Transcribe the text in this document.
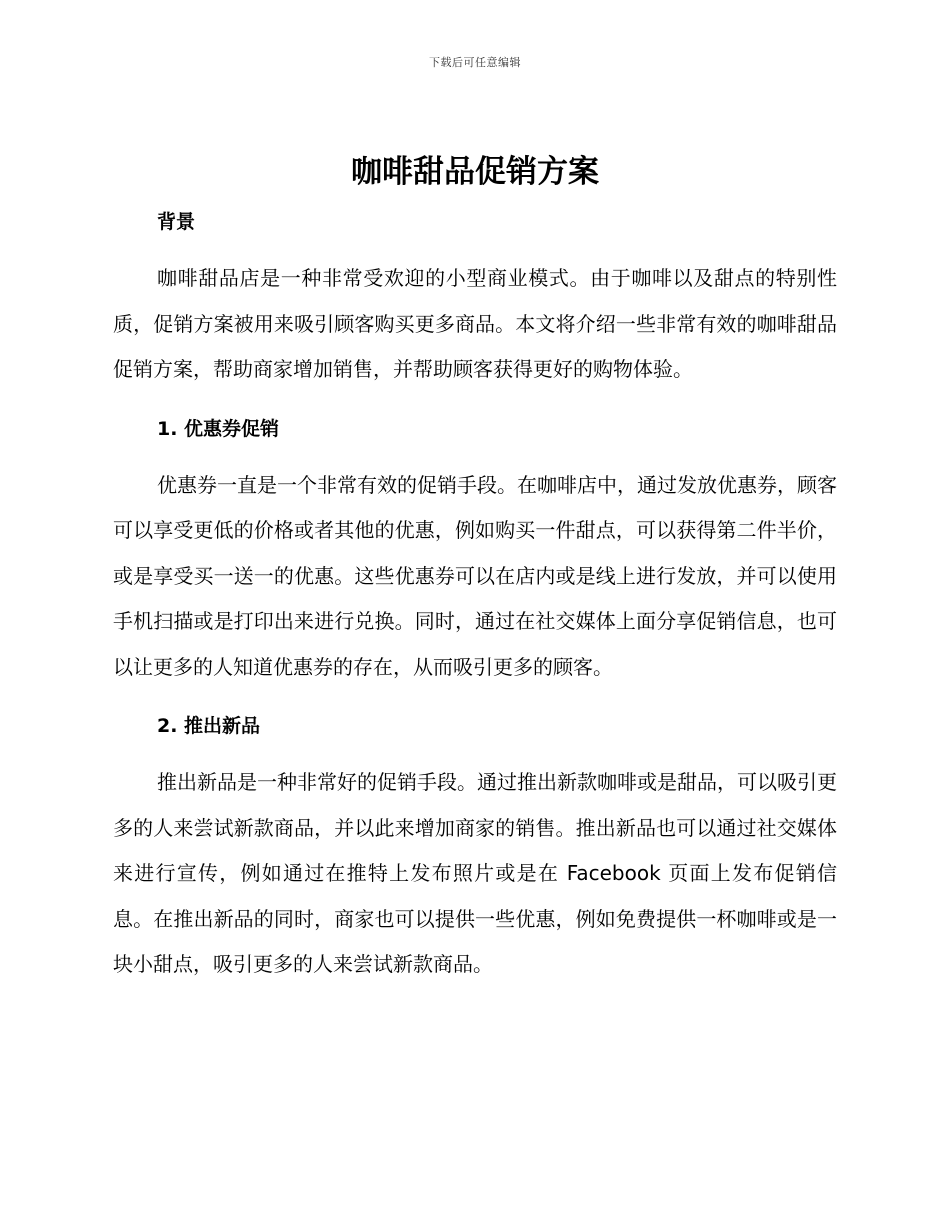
下载后可任意编辑
咖啡甜品促销方案
背景

咖啡甜品店是一种非常受欢迎的小型商业模式。由于咖啡以及甜点的特别性质，促销方案被用来吸引顾客购买更多商品。本文将介绍一些非常有效的咖啡甜品促销方案，帮助商家增加销售，并帮助顾客获得更好的购物体验。

1. 优惠券促销

优惠券一直是一个非常有效的促销手段。在咖啡店中，通过发放优惠券，顾客可以享受更低的价格或者其他的优惠，例如购买一件甜点，可以获得第二件半价，或是享受买一送一的优惠。这些优惠券可以在店内或是线上进行发放，并可以使用手机扫描或是打印出来进行兑换。同时，通过在社交媒体上面分享促销信息，也可以让更多的人知道优惠券的存在，从而吸引更多的顾客。

2. 推出新品

推出新品是一种非常好的促销手段。通过推出新款咖啡或是甜品，可以吸引更多的人来尝试新款商品，并以此来增加商家的销售。推出新品也可以通过社交媒体来进行宣传，例如通过在推特上发布照片或是在 Facebook 页面上发布促销信息。在推出新品的同时，商家也可以提供一些优惠，例如免费提供一杯咖啡或是一块小甜点，吸引更多的人来尝试新款商品。
